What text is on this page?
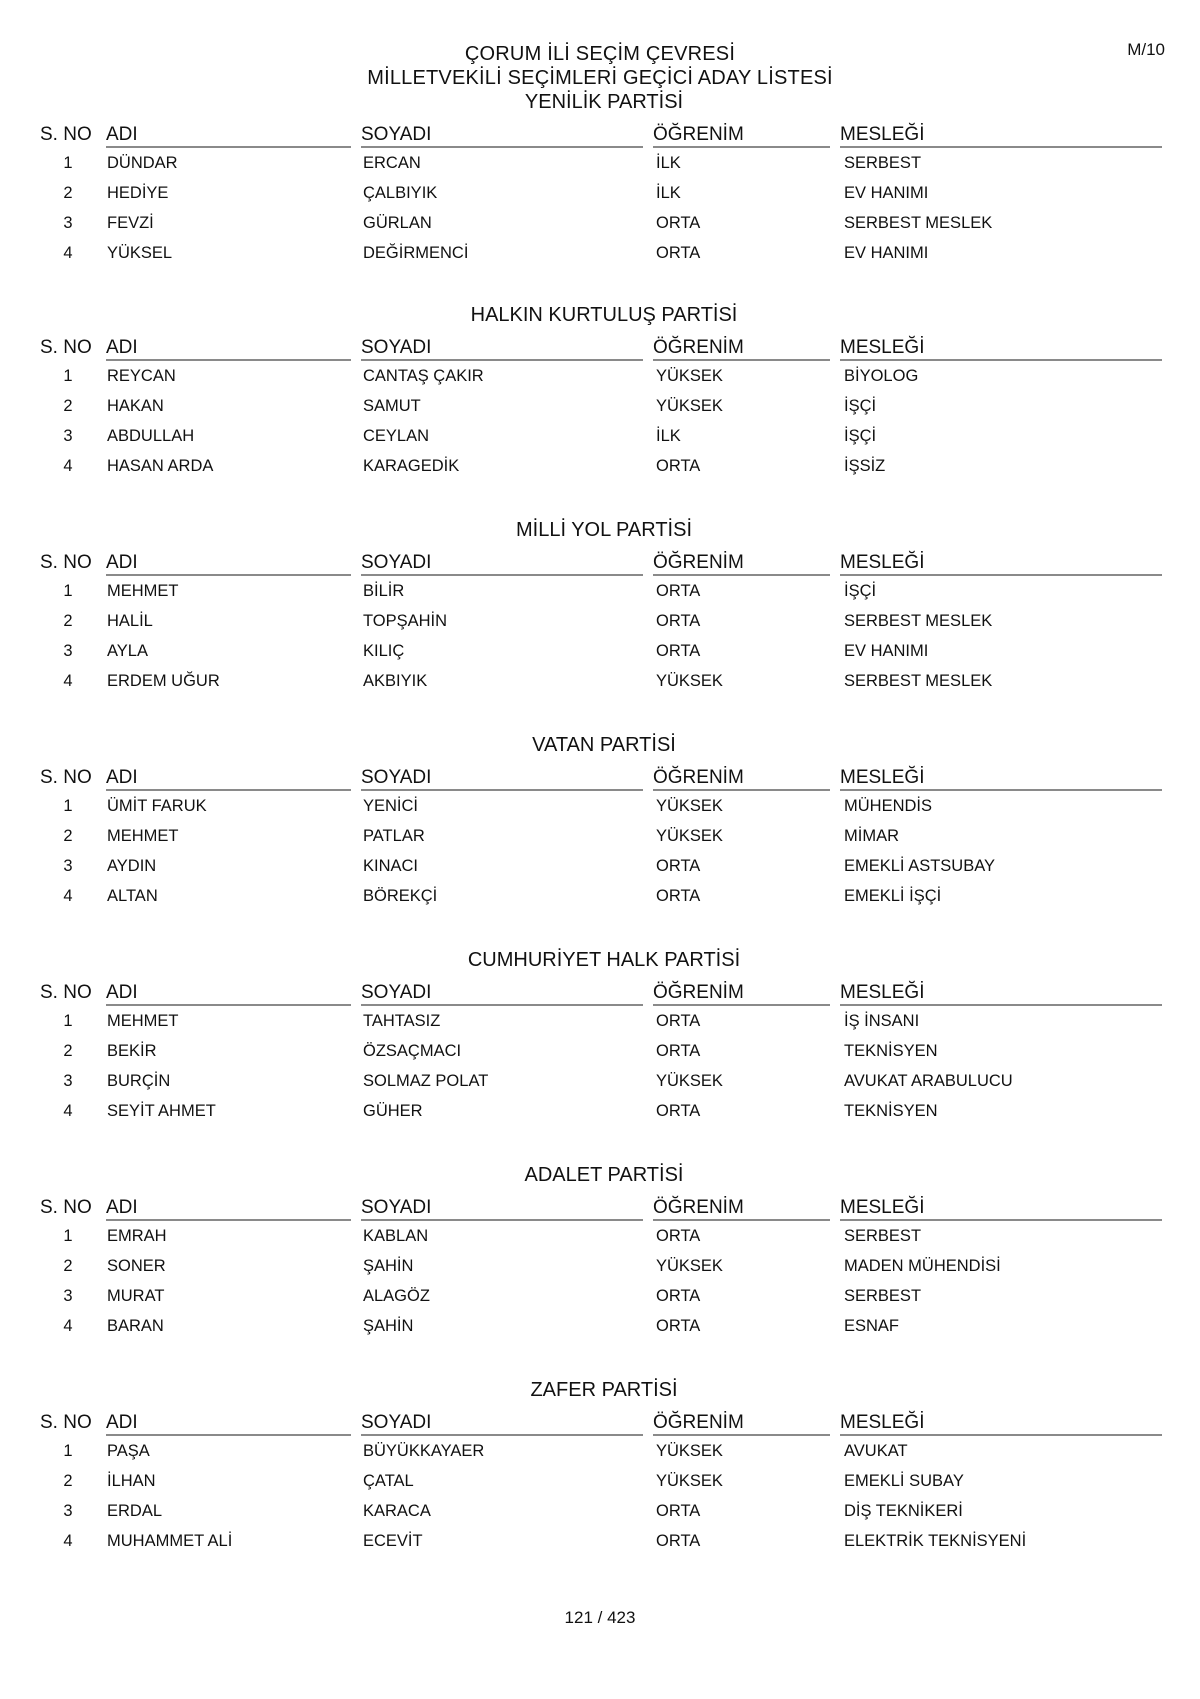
M/10
ÇORUM İLİ SEÇİM ÇEVRESİ
MİLLETVEKİLİ SEÇİMLERİ GEÇİCİ ADAY LİSTESİ
YENİLİK PARTİSİ
S. NO ADI	SOYADI	ÖĞRENİM	MESLEĞİ
1	DÜNDAR	ERCAN	İLK	SERBEST
2	HEDİYE	ÇALBIYIK	İLK	EV HANIMI
3	FEVZİ	GÜRLAN	ORTA	SERBEST MESLEK
4	YÜKSEL	DEĞİRMENCİ	ORTA	EV HANIMI
HALKIN KURTULUŞ PARTİSİ
S. NO ADI	SOYADI	ÖĞRENİM	MESLEĞİ
1	REYCAN	CANTAŞ ÇAKIR	YÜKSEK	BİYOLOG
2	HAKAN	SAMUT	YÜKSEK	İŞÇİ
3	ABDULLAH	CEYLAN	İLK	İŞÇİ
4	HASAN ARDA	KARAGEDİK	ORTA	İŞSİZ
MİLLİ YOL PARTİSİ
S. NO ADI	SOYADI	ÖĞRENİM	MESLEĞİ
1	MEHMET	BİLİR	ORTA	İŞÇİ
2	HALİL	TOPŞAHİN	ORTA	SERBEST MESLEK
3	AYLA	KILIÇ	ORTA	EV HANIMI
4	ERDEM UĞUR	AKBIYIK	YÜKSEK	SERBEST MESLEK
VATAN PARTİSİ
S. NO ADI	SOYADI	ÖĞRENİM	MESLEĞİ
1	ÜMİT FARUK	YENİCİ	YÜKSEK	MÜHENDİS
2	MEHMET	PATLAR	YÜKSEK	MİMAR
3	AYDIN	KINACI	ORTA	EMEKLİ ASTSUBAY
4	ALTAN	BÖREKÇİ	ORTA	EMEKLİ İŞÇİ
CUMHURİYET HALK PARTİSİ
S. NO ADI	SOYADI	ÖĞRENİM	MESLEĞİ
1	MEHMET	TAHTASIZ	ORTA	İŞ İNSANI
2	BEKİR	ÖZSAÇMACI	ORTA	TEKNİSYEN
3	BURÇİN	SOLMAZ POLAT	YÜKSEK	AVUKAT ARABULUCU
4	SEYİT AHMET	GÜHER	ORTA	TEKNİSYEN
ADALET PARTİSİ
S. NO ADI	SOYADI	ÖĞRENİM	MESLEĞİ
1	EMRAH	KABLAN	ORTA	SERBEST
2	SONER	ŞAHİN	YÜKSEK	MADEN MÜHENDİSİ
3	MURAT	ALAGÖZ	ORTA	SERBEST
4	BARAN	ŞAHİN	ORTA	ESNAF
ZAFER PARTİSİ
S. NO ADI	SOYADI	ÖĞRENİM	MESLEĞİ
1	PAŞA	BÜYÜKKAYAER	YÜKSEK	AVUKAT
2	İLHAN	ÇATAL	YÜKSEK	EMEKLİ SUBAY
3	ERDAL	KARACA	ORTA	DİŞ TEKNİKERİ
4	MUHAMMET ALİ	ECEVİT	ORTA	ELEKTRİK TEKNİSYENİ
121 / 423
